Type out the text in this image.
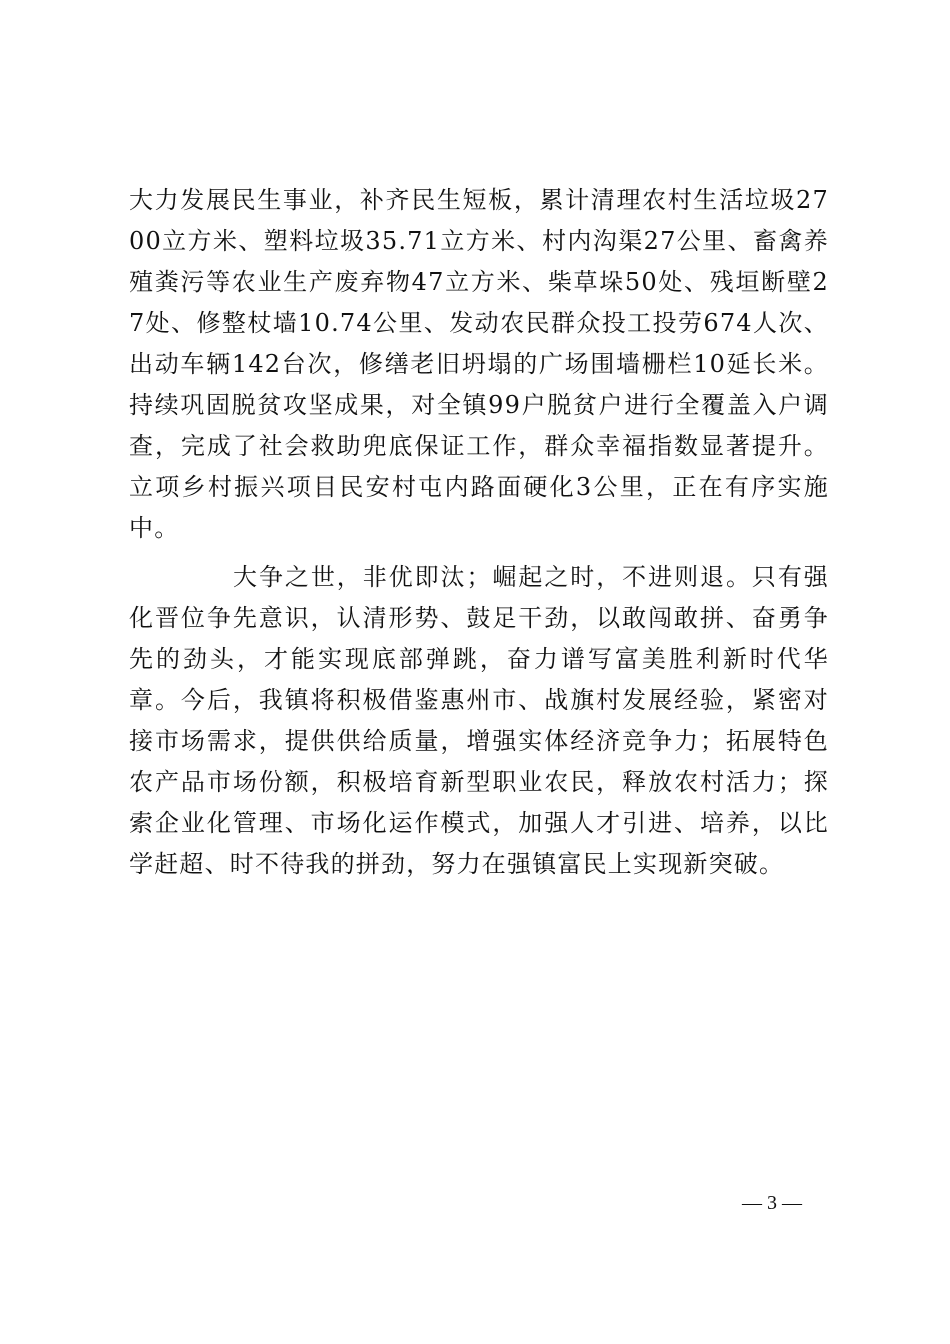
大力发展民生事业，补齐民生短板，累计清理农村生活垃圾2700立方米、塑料垃圾35.71立方米、村内沟渠27公里、畜禽养殖粪污等农业生产废弃物47立方米、柴草垛50处、残垣断壁27处、修整杖墙10.74公里、发动农民群众投工投劳674人次、出动车辆142台次，修缮老旧坍塌的广场围墙栅栏10延长米。持续巩固脱贫攻坚成果，对全镇99户脱贫户进行全覆盖入户调查，完成了社会救助兜底保证工作，群众幸福指数显著提升。立项乡村振兴项目民安村屯内路面硬化3公里，正在有序实施中。

大争之世，非优即汰；崛起之时，不进则退。只有强化晋位争先意识，认清形势、鼓足干劲，以敢闯敢拼、奋勇争先的劲头，才能实现底部弹跳，奋力谱写富美胜利新时代华章。今后，我镇将积极借鉴惠州市、战旗村发展经验，紧密对接市场需求，提供供给质量，增强实体经济竞争力；拓展特色农产品市场份额，积极培育新型职业农民，释放农村活力；探索企业化管理、市场化运作模式，加强人才引进、培养，以比学赶超、时不待我的拼劲，努力在强镇富民上实现新突破。

— 3 —
